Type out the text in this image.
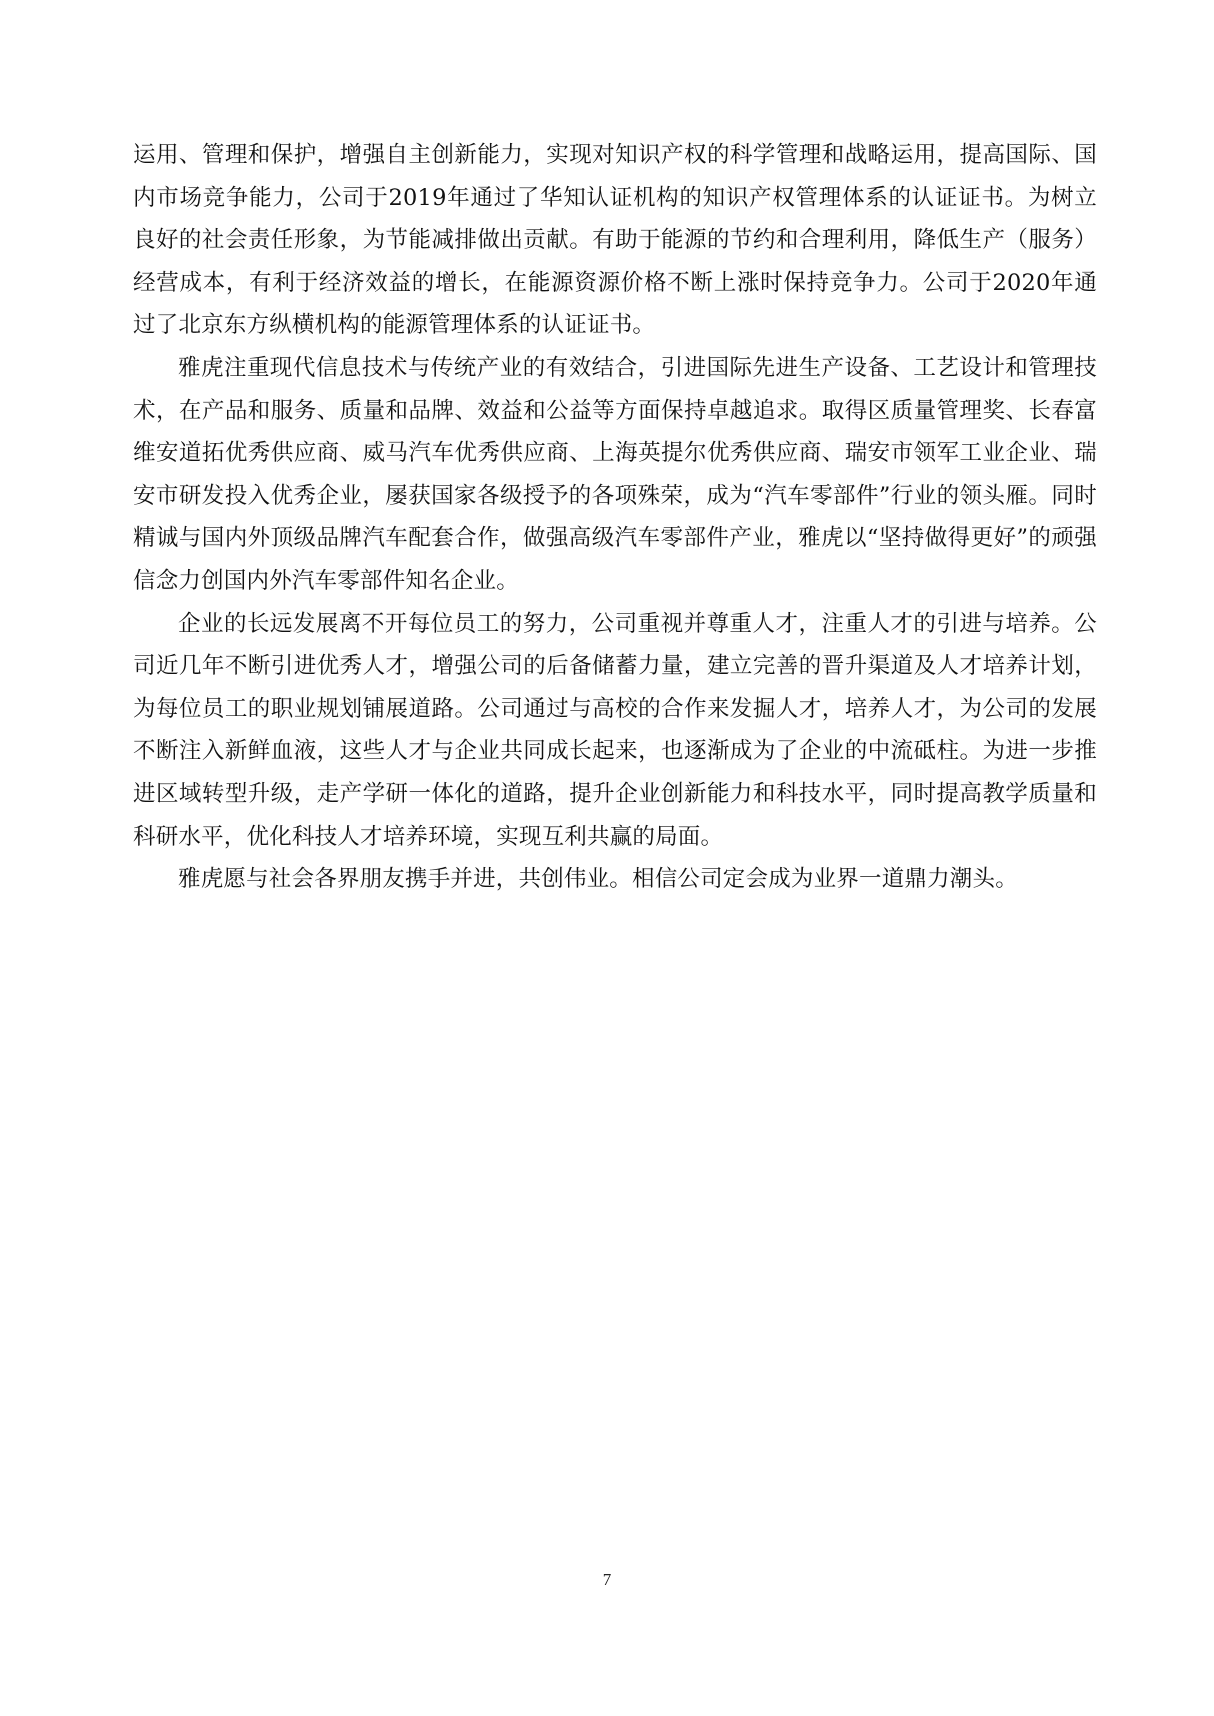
运用、管理和保护，增强自主创新能力，实现对知识产权的科学管理和战略运用，提高国际、国内市场竞争能力，公司于2019年通过了华知认证机构的知识产权管理体系的认证证书。为树立良好的社会责任形象，为节能减排做出贡献。有助于能源的节约和合理利用，降低生产（服务）经营成本，有利于经济效益的增长，在能源资源价格不断上涨时保持竞争力。公司于2020年通过了北京东方纵横机构的能源管理体系的认证证书。

雅虎注重现代信息技术与传统产业的有效结合，引进国际先进生产设备、工艺设计和管理技术，在产品和服务、质量和品牌、效益和公益等方面保持卓越追求。取得区质量管理奖、长春富维安道拓优秀供应商、威马汽车优秀供应商、上海英提尔优秀供应商、瑞安市领军工业企业、瑞安市研发投入优秀企业，屡获国家各级授予的各项殊荣，成为“汽车零部件”行业的领头雁。同时精诚与国内外顶级品牌汽车配套合作，做强高级汽车零部件产业，雅虎以“坚持做得更好”的顽强信念力创国内外汽车零部件知名企业。

企业的长远发展离不开每位员工的努力，公司重视并尊重人才，注重人才的引进与培养。公司近几年不断引进优秀人才，增强公司的后备储蓄力量，建立完善的晋升渠道及人才培养计划，为每位员工的职业规划铺展道路。公司通过与高校的合作来发掘人才，培养人才，为公司的发展不断注入新鲜血液，这些人才与企业共同成长起来，也逐渐成为了企业的中流砥柱。为进一步推进区域转型升级，走产学研一体化的道路，提升企业创新能力和科技水平，同时提高教学质量和科研水平，优化科技人才培养环境，实现互利共赢的局面。

雅虎愿与社会各界朋友携手并进，共创伟业。相信公司定会成为业界一道鼎力潮头。

7
